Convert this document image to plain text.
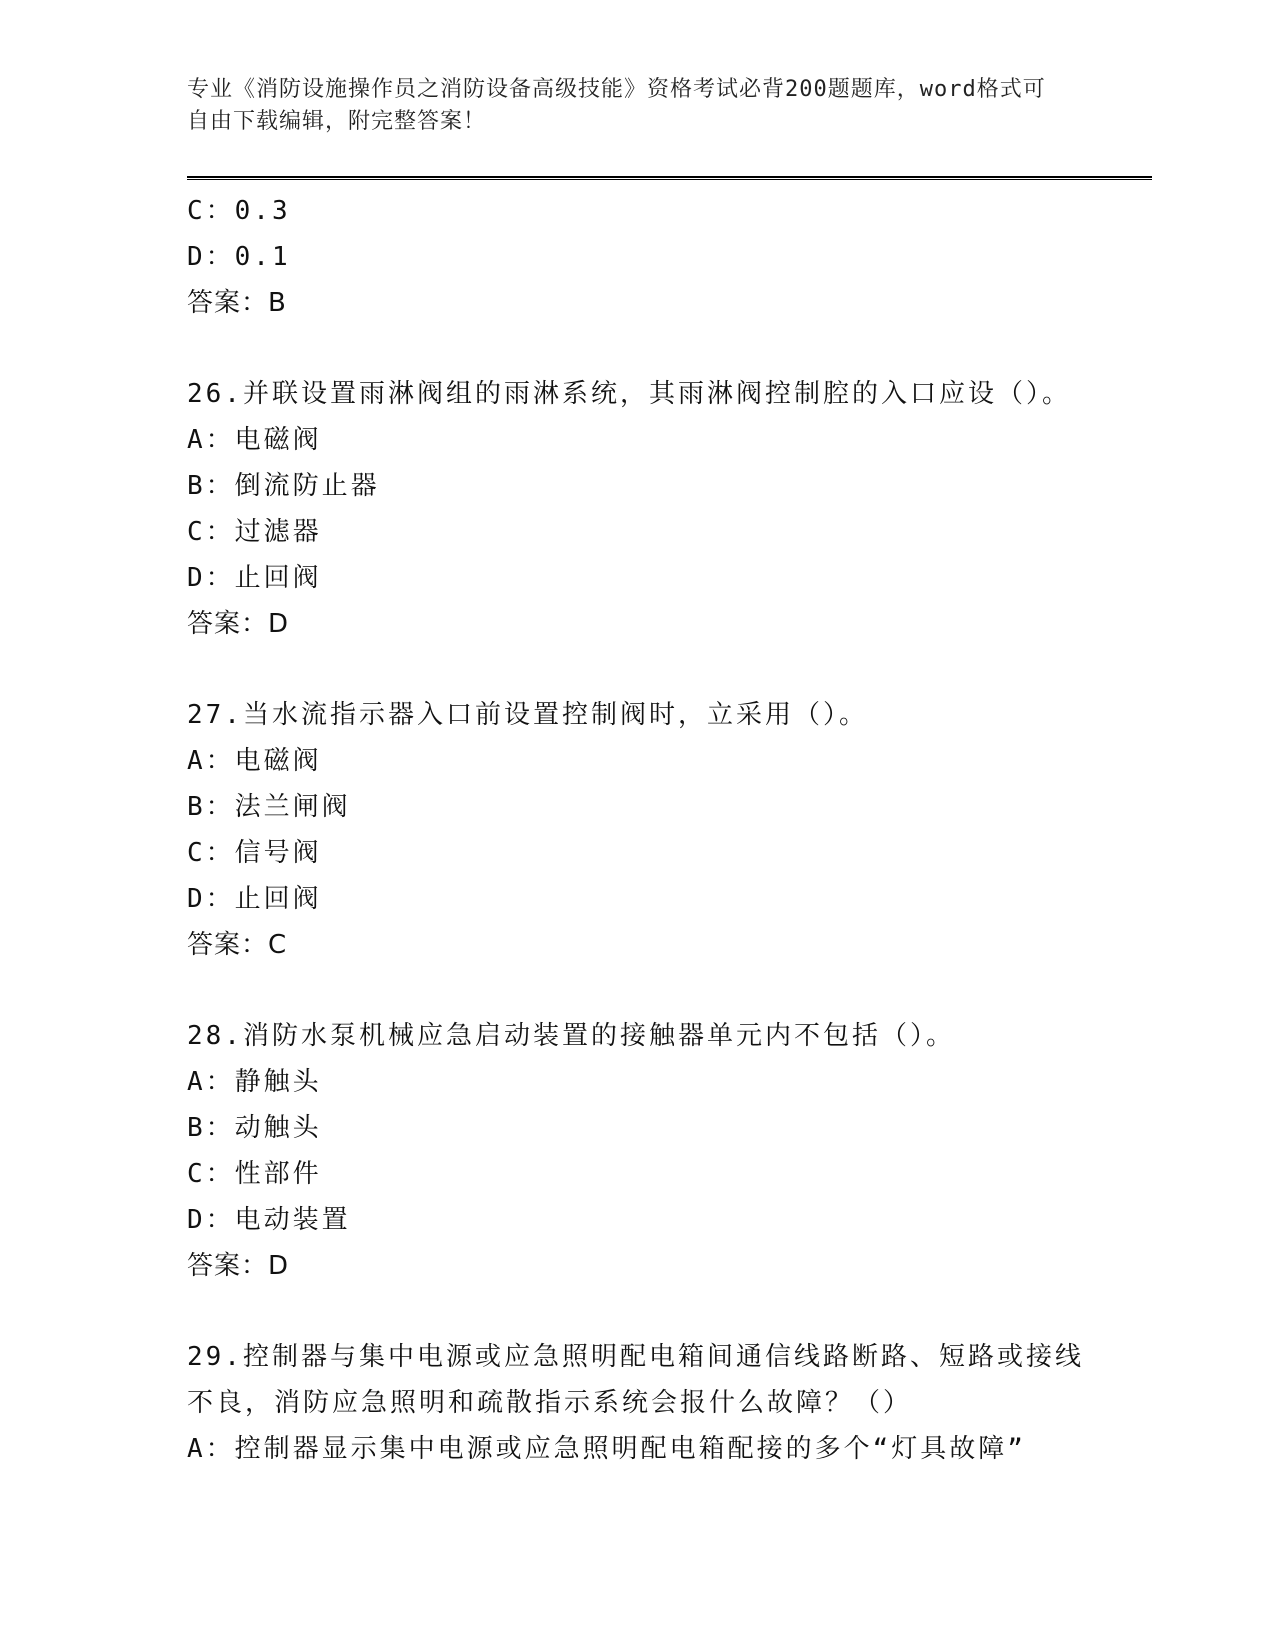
专业《消防设施操作员之消防设备高级技能》资格考试必背200题题库，word格式可自由下载编辑，附完整答案！
C：0.3
D：0.1
答案：B
26.并联设置雨淋阀组的雨淋系统，其雨淋阀控制腔的入口应设（）。
A：电磁阀
B：倒流防止器
C：过滤器
D：止回阀
答案：D
27.当水流指示器入口前设置控制阀时，立采用（）。
A：电磁阀
B：法兰闸阀
C：信号阀
D：止回阀
答案：C
28.消防水泵机械应急启动装置的接触器单元内不包括（）。
A：静触头
B：动触头
C：性部件
D：电动装置
答案：D
29.控制器与集中电源或应急照明配电箱间通信线路断路、短路或接线
不良，消防应急照明和疏散指示系统会报什么故障？（）
A：控制器显示集中电源或应急照明配电箱配接的多个“灯具故障”
